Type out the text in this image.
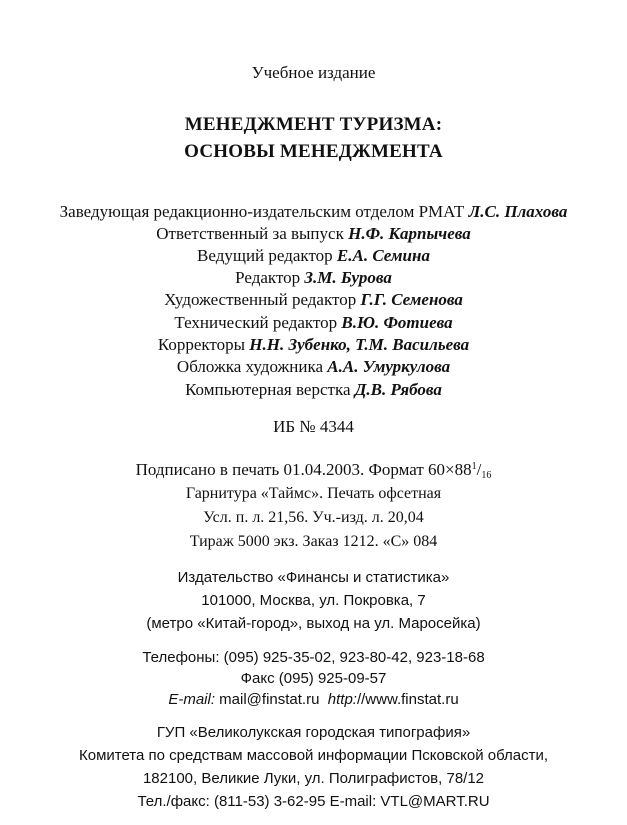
Учебное издание
МЕНЕДЖМЕНТ ТУРИЗМА:
ОСНОВЫ МЕНЕДЖМЕНТА
Заведующая редакционно-издательским отделом РМАТ Л.С. Плахова
Ответственный за выпуск Н.Ф. Карпычева
Ведущий редактор Е.А. Семина
Редактор З.М. Бурова
Художественный редактор Г.Г. Семенова
Технический редактор В.Ю. Фотиева
Корректоры Н.Н. Зубенко, Т.М. Васильева
Обложка художника А.А. Умуркулова
Компьютерная верстка Д.В. Рябова
ИБ № 4344
Подписано в печать 01.04.2003. Формат $60\times 88^1/_{16}$
Гарнитура «Таймс». Печать офсетная
Усл. п. л. 21,56. Уч.-изд. л. 20,04
Тираж 5000 экз. Заказ 1212. «С» 084
Издательство «Финансы и статистика»
101000, Москва, ул. Покровка, 7
(метро «Китай-город», выход на ул. Маросейка)
Телефоны: (095) 925-35-02, 923-80-42, 923-18-68
Факс (095) 925-09-57
E-mail: mail@finstat.ru http://www.finstat.ru
ГУП «Великолукская городская типография»
Комитета по средствам массовой информации Псковской области,
182100, Великие Луки, ул. Полиграфистов, 78/12
Тел./факс: (811-53) 3-62-95 E-mail: VTL@MART.RU
